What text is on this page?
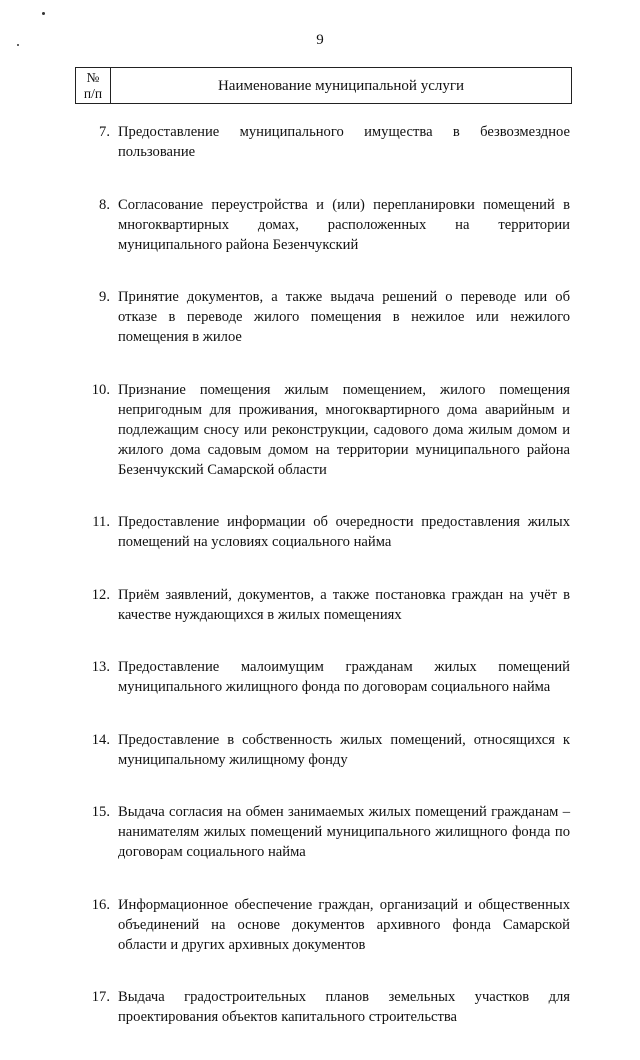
9
№
п/п	Наименование муниципальной услуги
7. Предоставление муниципального имущества в безвозмездное пользование
8. Согласование переустройства и (или) перепланировки помещений в многоквартирных домах, расположенных на территории муниципального района Безенчукский
9. Принятие документов, а также выдача решений о переводе или об отказе в переводе жилого помещения в нежилое или нежилого помещения в жилое
10. Признание помещения жилым помещением, жилого помещения непригодным для проживания, многоквартирного дома аварийным и подлежащим сносу или реконструкции, садового дома жилым домом и жилого дома садовым домом на территории муниципального района Безенчукский Самарской области
11. Предоставление информации об очередности предоставления жилых помещений на условиях социального найма
12. Приём заявлений, документов, а также постановка граждан на учёт в качестве нуждающихся в жилых помещениях
13. Предоставление малоимущим гражданам жилых помещений муниципального жилищного фонда по договорам социального найма
14. Предоставление в собственность жилых помещений, относящихся к муниципальному жилищному фонду
15. Выдача согласия на обмен занимаемых жилых помещений гражданам – нанимателям жилых помещений муниципального жилищного фонда по договорам социального найма
16. Информационное обеспечение граждан, организаций и общественных объединений на основе документов архивного фонда Самарской области и других архивных документов
17. Выдача градостроительных планов земельных участков для проектирования объектов капитального строительства
